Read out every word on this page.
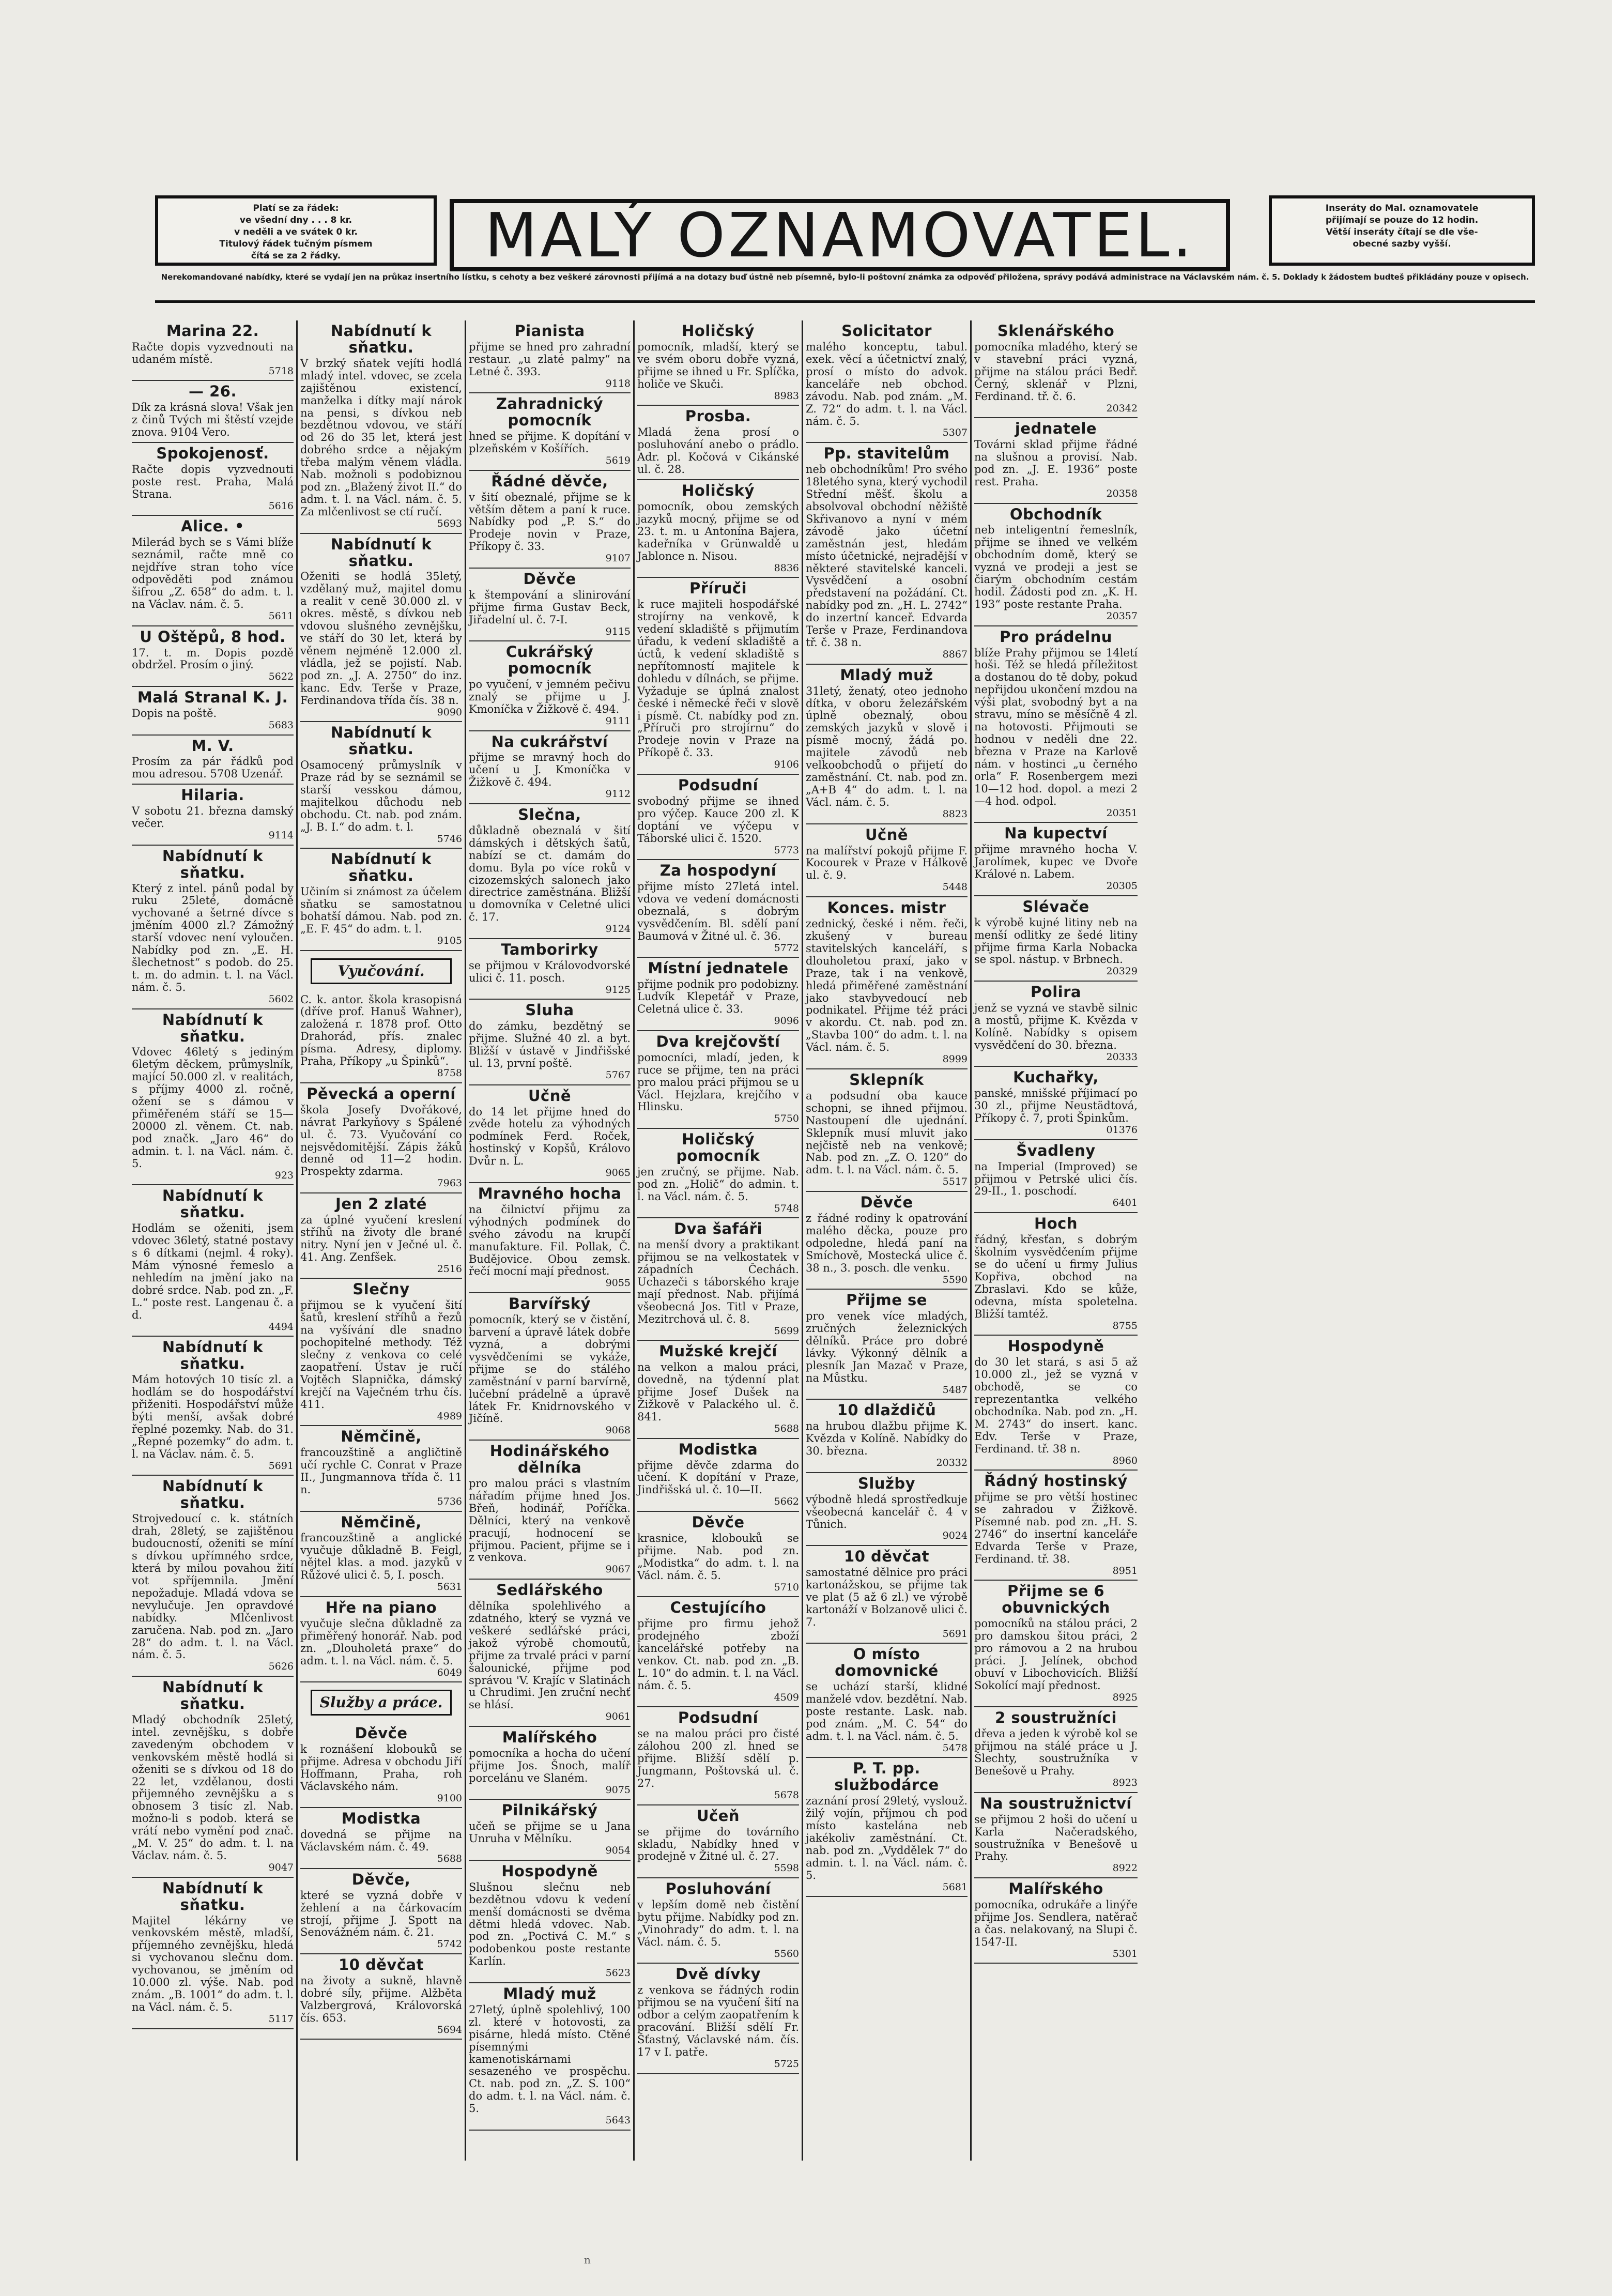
Platí se za řádek:
ve všední dny . . . 8 kr.
v neděli a ve svátek 0 kr.
Titulový řádek tučným písmem
čítá se za 2 řádky.	MALÝ OZNAMOVATEL.	Inseráty do Mal. oznamovatele
přijímají se pouze do 12 hodin.
Větší inseráty čítají se dle vše-
obecné sazby vyšší.
Nerekomandované nabídky, které se vydají jen na průkaz insertního lístku, s cehoty a bez veškeré zárovnosti přijímá a na dotazy buď ústně neb písemně, bylo-li poštovní známka za odpověď přiložena, správy podává administrace na Václavském nám. č. 5. Doklady k žádostem budteš přikládány pouze v opisech.
Marina 22.
Račte dopis vyzvednouti na udaném místě.
5718
— 26.
Dík za krásná slova! Však jen z činů Tvých mi štěstí vzejde znova. 9104 Vero.
Spokojenosť.
Račte dopis vyzvednouti poste rest. Praha, Malá Strana.
5616
Alice. •
Milerád bych se s Vámi blíže seznámil, račte mně co nejdříve stran toho více odpověděti pod známou šifrou „Z. 658“ do adm. t. l. na Václav. nám. č. 5.
5611
U Oštěpů, 8 hod.
17. t. m. Dopis pozdě obdržel. Prosím o jiný.
5622
Malá Stranal K. J.
Dopis na poště.
5683
M. V.
Prosím za pár řádků pod mou adresou. 5708 Uzenář.
Hilaria.
V sobotu 21. března damský večer.
9114
Nabídnutí k sňatku.
Který z intel. pánů podal by ruku 25leté, domácně vychované a šetrné dívce s jměním 4000 zl.? Zámožný starší vdovec není vyloučen. Nabídky pod zn. „E. H. šlechetnost“ s podob. do 25. t. m. do admin. t. l. na Václ. nám. č. 5.
5602
Nabídnutí k sňatku.
Vdovec 46letý s jediným 6letým děckem, průmyslník, mající 50.000 zl. v realitách, s příjmy 4000 zl. ročně, ožení se s dámou v přiměřeném stáří se 15—20000 zl. věnem. Ct. nab. pod značk. „Jaro 46“ do admin. t. l. na Václ. nám. č. 5.
923
Nabídnutí k sňatku.
Hodlám se oženiti, jsem vdovec 36letý, statné postavy s 6 dítkami (nejml. 4 roky). Mám výnosné řemeslo a nehledím na jmění jako na dobré srdce. Nab. pod zn. „F. L.“ poste rest. Langenau č. a d.
4494
Nabídnutí k sňatku.
Mám hotových 10 tisíc zl. a hodlám se do hospodářství přiženiti. Hospodářství může býti menší, avšak dobré řeplné pozemky. Nab. do 31. „Řepné pozemky“ do adm. t. l. na Václav. nám. č. 5.
5691
Nabídnutí k sňatku.
Strojvedoucí c. k. státních drah, 28letý, se zajištěnou budoucností, oženiti se míní s dívkou upřímného srdce, která by milou povahou žití vot spříjemnila. Jmění nepožaduje. Mladá vdova se nevylučuje. Jen opravdové nabídky. Mlčenlivost zaručena. Nab. pod zn. „Jaro 28“ do adm. t. l. na Václ. nám. č. 5.
5626
Nabídnutí k sňatku.
Mladý obchodník 25letý, intel. zevnějšku, s dobře zavedeným obchodem v venkovském městě hodlá si oženiti se s dívkou od 18 do 22 let, vzdělanou, dosti přijemného zevnějšku a s obnosem 3 tisíc zl. Nab. možno-li s podob. která se vrátí nebo vymění pod znač. „M. V. 25“ do adm. t. l. na Václav. nám. č. 5.
9047
Nabídnutí k sňatku.
Majitel lékárny ve venkovském městě, mladší, příjemného zevnějšku, hledá si vychovanou slečnu dom. vychovanou, se jměním od 10.000 zl. výše. Nab. pod znám. „B. 1001“ do adm. t. l. na Václ. nám. č. 5.
5117
Nabídnutí k sňatku.
V brzký sňatek vejíti hodlá mladý intel. vdovec, se zcela zajištěnou existencí, manželka i dítky mají nárok na pensi, s dívkou neb bezdětnou vdovou, ve stáří od 26 do 35 let, která jest dobrého srdce a nějakým třeba malým věnem vládla. Nab. možnoli s podobiznou pod zn. „Blažený život II.“ do adm. t. l. na Václ. nám. č. 5. Za mlčenlivost se ctí ručí.
5693
Nabídnutí k sňatku.
Oženiti se hodlá 35letý, vzdělaný muž, majitel domu a realit v ceně 30.000 zl. v okres. městě, s dívkou neb vdovou slušného zevnějšku, ve stáří do 30 let, která by věnem nejméně 12.000 zl. vládla, jež se pojistí. Nab. pod zn. „J. A. 2750“ do inz. kanc. Edv. Terše v Praze, Ferdinandova třída čís. 38 n.
9090
Nabídnutí k sňatku.
Osamocený průmyslník v Praze rád by se seznámil se starší vesskou dámou, majitelkou důchodu neb obchodu. Ct. nab. pod znám. „J. B. I.“ do adm. t. l.
5746
Nabídnutí k sňatku.
Učiním si známost za účelem sňatku se samostatnou bohatší dámou. Nab. pod zn. „E. F. 45“ do adm. t. l.
9105
Vyučování.
C. k. antor. škola krasopisná (dříve prof. Hanuš Wahner), založená r. 1878 prof. Otto Drahorád, přís. znalec písma. Adresy, diplomy. Praha, Příkopy „u Špinků“.
8758
Pěvecká a operní
škola Josefy Dvořákové, návrat Parkyňovy s Spálené ul. č. 73. Vyučování co nejsvědomitější. Zápis žáků denně od 11—2 hodin. Prospekty zdarma.
7963
Jen 2 zlaté
za úplné vyučení kreslení stříhů na životy dle brané nitry. Nyní jen v Ječné ul. č. 41. Ang. Zenfšek.
2516
Slečny
přijmou se k vyučení šití šatů, kreslení stříhů a řezů na vyšívání dle snadno pochopitelné methody. Též slečny z venkova co celé zaopatření. Ústav je ručí Vojtěch Slapnička, dámský krejčí na Vaječném trhu čís. 411.
4989
Němčině,
francouzštině a angličtině učí rychle C. Conrat v Praze II., Jungmannova třída č. 11 n.
5736
Němčině,
francouzštině a anglické vyučuje důkladně B. Feigl, nějtel klas. a mod. jazyků v Růžové ulici č. 5, I. posch.
5631
Hře na piano
vyučuje slečna důkladně za přiměřený honorář. Nab. pod zn. „Dlouholetá praxe“ do adm. t. l. na Václ. nám. č. 5.
6049
Služby a práce.
Děvče
k roznášení klobouků se přijme. Adresa v obchodu Jiří Hoffmann, Praha, roh Václavského nám.
9100
Modistka
dovedná se přijme na Václavském nám. č. 49.
5688
Děvče,
které se vyzná dobře v žehlení a na čárkovacím strojí, přijme J. Spott na Senovážném nám. č. 21.
5742
10 děvčat
na životy a sukně, hlavně dobré síly, přijme. Alžběta Valzbergrová, Královorská čís. 653.
5694
Pianista
přijme se hned pro zahradní restaur. „u zlaté palmy“ na Letné č. 393.
9118
Zahradnický pomocník
hned se přijme. K dopítání v plzeňském v Košířích.
5619
Řádné děvče,
v šití obeznalé, přijme se k větším dětem a paní k ruce. Nabídky pod „P. S.“ do Prodeje novin v Praze, Příkopy č. 33.
9107
Děvče
k štempování a slinirování přijme firma Gustav Beck, Jiřadelní ul. č. 7-I.
9115
Cukrářský pomocník
po vyučení, v jemném pečivu znalý se přijme u J. Kmoníčka v Žižkově č. 494.
9111
Na cukrářství
přijme se mravný hoch do učení u J. Kmoníčka v Žižkově č. 494.
9112
Slečna,
důkladně obeznalá v šití dámských i dětských šatů, nabízí se ct. damám do domu. Byla po více roků v cizozemských salonech jako directrice zaměstnána. Bližší u domovníka v Celetné ulici č. 17.
9124
Tamborirky
se přijmou v Královodvorské ulici č. 11. posch.
9125
Sluha
do zámku, bezdětný se přijme. Služné 40 zl. a byt. Bližší v ústavě v Jindřišské ul. 13, první poště.
5767
Učně
do 14 let přijme hned do zvěde hotelu za výhodných podmínek Ferd. Roček, hostinský v Kopšů, Královo Dvůr n. L.
9065
Mravného hocha
na čilnictví přijmu za výhodných podmínek do svého závodu na krupčí manufakture. Fil. Pollak, Č. Budějovice. Obou zemsk. řečí mocní mají přednost.
9055
Barvířský
pomocník, který se v čistění, barvení a úpravě látek dobře vyzná, a dobrými vysvědčeními se vykáže, přijme se do stálého zaměstnání v parní barvírně, lučební prádelně a úpravě látek Fr. Knidrnovského v Jičíně.
9068
Hodinářského dělníka
pro malou práci s vlastním nářadím přijme hned Jos. Břeň, hodinář, Poříčka. Dělníci, který na venkově pracují, hodnocení se přijmou. Pacient, přijme se i z venkova.
9067
Sedlářského
dělníka spolehlivého a zdatného, který se vyzná ve veškeré sedlářské práci, jakož výrobě chomoutů, přijme za trvalé práci v parní šalounické, přijme pod správou 'V. Krajíc v Slatinách u Chrudimi. Jen zruční nechť se hlásí.
9061
Malířského
pomocníka a hocha do učení přijme Jos. Šnoch, malíř porcelánu ve Slaném.
9075
Pilnikářský
učeň se přijme se u Jana Unruha v Mělníku.
9054
Hospodyně
Slušnou slečnu neb bezdětnou vdovu k vedení menší domácnosti se dvěma dětmi hledá vdovec. Nab. pod zn. „Poctivá C. M.“ s podobenkou poste restante Karlín.
5623
Mladý muž
27letý, úplně spolehlivý, 100 zl. které v hotovosti, za pisárne, hledá místo. Ctěné písemnými kamenotiskárnami sesazeného ve prospěchu. Ct. nab. pod zn. „Z. S. 100“ do adm. t. l. na Václ. nám. č. 5.
5643
Holičský
pomocník, mladší, který se ve svém oboru dobře vyzná, přijme se ihned u Fr. Splíčka, holiče ve Skuči.
8983
Prosba.
Mladá žena prosí o posluhování anebo o prádlo. Adr. pl. Kočová v Cikánské ul. č. 28.
Holičský
pomocník, obou zemských jazyků mocný, přijme se od 23. t. m. u Antonína Bajera, kadeřníka v Grünwaldě u Jablonce n. Nisou.
8836
Příruči
k ruce majiteli hospodářské strojírny na venkově, k vedení skladiště s přijmutím úřadu, k vedení skladiště a úctů, k vedení skladiště s nepřítomností majitele k dohledu v dílnách, se přijme. Vyžaduje se úplná znalost české i německé řeči v slově i písmě. Ct. nabídky pod zn. „Příruči pro strojírnu“ do Prodeje novin v Praze na Příkopě č. 33.
9106
Podsudní
svobodný přijme se ihned pro výčep. Kauce 200 zl. K doptání ve výčepu v Táborské ulici č. 1520.
5773
Za hospodyní
přijme místo 27letá intel. vdova ve vedení domácnosti obeznalá, s dobrým vysvědčením. Bl. sdělí paní Baumová v Žitné ul. č. 36.
5772
Místní jednatele
přijme podnik pro podobizny. Ludvík Klepetář v Praze, Celetná ulice č. 33.
9096
Dva krejčovští
pomocníci, mladí, jeden, k ruce se přijme, ten na práci pro malou práci přijmou se u Václ. Hejzlara, krejčího v Hlinsku.
5750
Holičský pomocník
jen zručný, se přijme. Nab. pod zn. „Holič“ do admin. t. l. na Václ. nám. č. 5.
5748
Dva šafáři
na menší dvory a praktikant přijmou se na velkostatek v západních Čechách. Uchazeči s táborského kraje mají přednost. Nab. přijímá všeobecná Jos. Titl v Praze, Mezitrchová ul. č. 8.
5699
Mužské krejčí
na velkon a malou práci, dovedně, na týdenní plat přijme Josef Dušek na Žižkově v Palackého ul. č. 841.
5688
Modistka
přijme děvče zdarma do učení. K dopítání v Praze, Jindřišská ul. č. 10—II.
5662
Děvče
krasnice, klobouků se přijme. Nab. pod zn. „Modistka“ do adm. t. l. na Václ. nám. č. 5.
5710
Cestujícího
přijme pro firmu jehož prodejného zboží kancelářské potřeby na venkov. Ct. nab. pod zn. „B. L. 10“ do admin. t. l. na Václ. nám. č. 5.
4509
Podsudní
se na malou práci pro čisté zálohou 200 zl. hned se přijme. Bližší sdělí p. Jungmann, Poštovská ul. č. 27.
5678
Učeň
se přijme do továrního skladu, Nabídky hned v prodejně v Žitné ul. č. 27.
5598
Posluhování
v lepším domě neb čistění bytu přijme. Nabídky pod zn. „Vinohrady“ do adm. t. l. na Václ. nám. č. 5.
5560
Dvě dívky
z venkova se řádných rodin přijmou se na vyučení šití na odbor a celým zaopatřením k pracování. Bližší sdělí Fr. Šťastný, Václavské nám. čís. 17 v I. patře.
5725
Solicitator
malého konceptu, tabul. exek. věcí a účetnictví znalý, prosí o místo do advok. kanceláře neb obchod. závodu. Nab. pod znám. „M. Z. 72“ do adm. t. l. na Václ. nám. č. 5.
5307
Pp. stavitelům
neb obchodníkům! Pro svého 18letého syna, který vychodil Střední měšť. školu a absolvoval obchodní něžiště Skřivanovo a nyní v mém závodě jako účetní zaměstnán jest, hledám místo účetnické, nejradější v některé stavitelské kanceli. Vysvědčení a osobní představení na požádání. Ct. nabídky pod zn. „H. L. 2742“ do inzertní kanceř. Edvarda Terše v Praze, Ferdinandova tř. č. 38 n.
8867
Mladý muž
31letý, ženatý, oteo jednoho dítka, v oboru železářském úplně obeznalý, obou zemských jazyků v slově i písmě mocný, žádá po. majitele závodů neb velkoobchodů o přijetí do zaměstnání. Ct. nab. pod zn. „A+B 4“ do adm. t. l. na Václ. nám. č. 5.
8823
Učně
na malířství pokojů přijme F. Kocourek v Praze v Hálkově ul. č. 9.
5448
Konces. mistr
zednický, české i něm. řeči, zkušený v bureau stavitelských kanceláří, s dlouholetou praxí, jako v Praze, tak i na venkově, hledá přiměřené zaměstnání jako stavbyvedoucí neb podnikatel. Přijme též práci v akordu. Ct. nab. pod zn. „Stavba 100“ do adm. t. l. na Václ. nám. č. 5.
8999
Sklepník
a podsudní oba kauce schopni, se ihned přijmou. Nastoupení dle ujednání. Sklepník musí mluvit jako nejčistě neb na venkově; Nab. pod zn. „Z. O. 120“ do adm. t. l. na Václ. nám. č. 5.
5517
Děvče
z řádné rodiny k opatrování malého děcka, pouze pro odpoledne, hledá paní na Smíchově, Mostecká ulice č. 38 n., 3. posch. dle venku.
5590
Přijme se
pro venek více mladých, zručných železnických dělníků. Práce pro dobré lávky. Výkonný dělník a plesník Jan Mazač v Praze, na Můstku.
5487
10 dlaždičů
na hrubou dlažbu přijme K. Kvězda v Kolíně. Nabídky do 30. března.
20332
Služby
výbodně hledá sprostředkuje všeobecná kancelář č. 4 v Tůnich.
9024
10 děvčat
samostatné dělnice pro práci kartonážskou, se přijme tak ve plat (5 až 6 zl.) ve výrobě kartonáží v Bolzanově ulici č. 7.
5691
O místo domovnické
se uchází starší, klidné manželé vdov. bezdětní. Nab. poste restante. Lask. nab. pod znám. „M. C. 54“ do adm. t. l. na Václ. nám. č. 5.
5478
P. T. pp. službodárce
zaznání prosí 29letý, vyslouž. žilý vojín, příjmou ch pod místo kastelána neb jakékoliv zaměstnání. Ct. nab. pod zn. „Vyddělek 7“ do admin. t. l. na Václ. nám. č. 5.
5681
Sklenářského
pomocníka mladého, který se v stavební práci vyzná, přijme na stálou práci Bedř. Černý, sklenář v Plzni, Ferdinand. tř. č. 6.
20342
jednatele
Továrni sklad přijme řádné na slušnou a provisí. Nab. pod zn. „J. E. 1936“ poste rest. Praha.
20358
Obchodník
neb inteligentní řemeslník, přijme se ihned ve velkém obchodním domě, který se vyzná ve prodeji a jest se čiarým obchodním cestám hodil. Žádosti pod zn. „K. H. 193“ poste restante Praha.
20357
Pro prádelnu
blíže Prahy přijmou se 14letí hoši. Též se hledá příležitost a dostanou do tě doby, pokud nepřijdou ukončení mzdou na výši plat, svobodný byt a na stravu, míno se měsíčně 4 zl. na hotovosti. Přijmouti se hodnou v neděli dne 22. března v Praze na Karlově nám. v hostinci „u černého orla“ F. Rosenbergem mezi 10—12 hod. dopol. a mezi 2—4 hod. odpol.
20351
Na kupectví
přijme mravného hocha V. Jarolímek, kupec ve Dvoře Králové n. Labem.
20305
Slévače
k výrobě kujné litiny neb na menší odlitky ze šedé litiny přijme firma Karla Nobacka se spol. nástup. v Brbnech.
20329
Polira
jenž se vyzná ve stavbě silnic a mostů, přijme K. Kvězda v Kolíně. Nabídky s opisem vysvědčení do 30. března.
20333
Kuchařky,
panské, mnišské příjimací po 30 zl., přijme Neustädtová, Příkopy č. 7, proti Špinkům.
01376
Švadleny
na Imperial (Improved) se přijmou v Petrské ulici čís. 29-II., 1. poschodí.
6401
Hoch
řádný, křesťan, s dobrým školním vysvědčením přijme se do učení u firmy Julius Kopřiva, obchod na Zbraslavi. Kdo se kůže, odevna, místa spoletelna. Bližší tamtéž.
8755
Hospodyně
do 30 let stará, s asi 5 až 10.000 zl., jež se vyzná v obchodě, se co reprezentantka velkého obchodníka. Nab. pod zn. „H. M. 2743“ do insert. kanc. Edv. Terše v Praze, Ferdinand. tř. 38 n.
8960
Řádný hostinský
přijme se pro větší hostinec se zahradou v Žižkově. Písemné nab. pod zn. „H. S. 2746“ do insertní kanceláře Edvarda Terše v Praze, Ferdinand. tř. 38.
8951
Přijme se 6 obuvnických
pomocníků na stálou práci, 2 pro damskou šitou práci, 2 pro rámovou a 2 na hrubou práci. J. Jelínek, obchod obuví v Libochovicích. Bližší Sokolící mají přednost.
8925
2 soustružníci
dřeva a jeden k výrobě kol se přijmou na stálé práce u J. Šlechty, soustružníka v Benešově u Prahy.
8923
Na soustružnictví
se přijmou 2 hoši do učení u Karla Načeradského, soustružníka v Benešově u Prahy.
8922
Malířského
pomocníka, odrukáře a linýře přijme Jos. Sendlera, natěrač a čas. nelakovaný, na Slupi č. 1547-II.
5301
n
